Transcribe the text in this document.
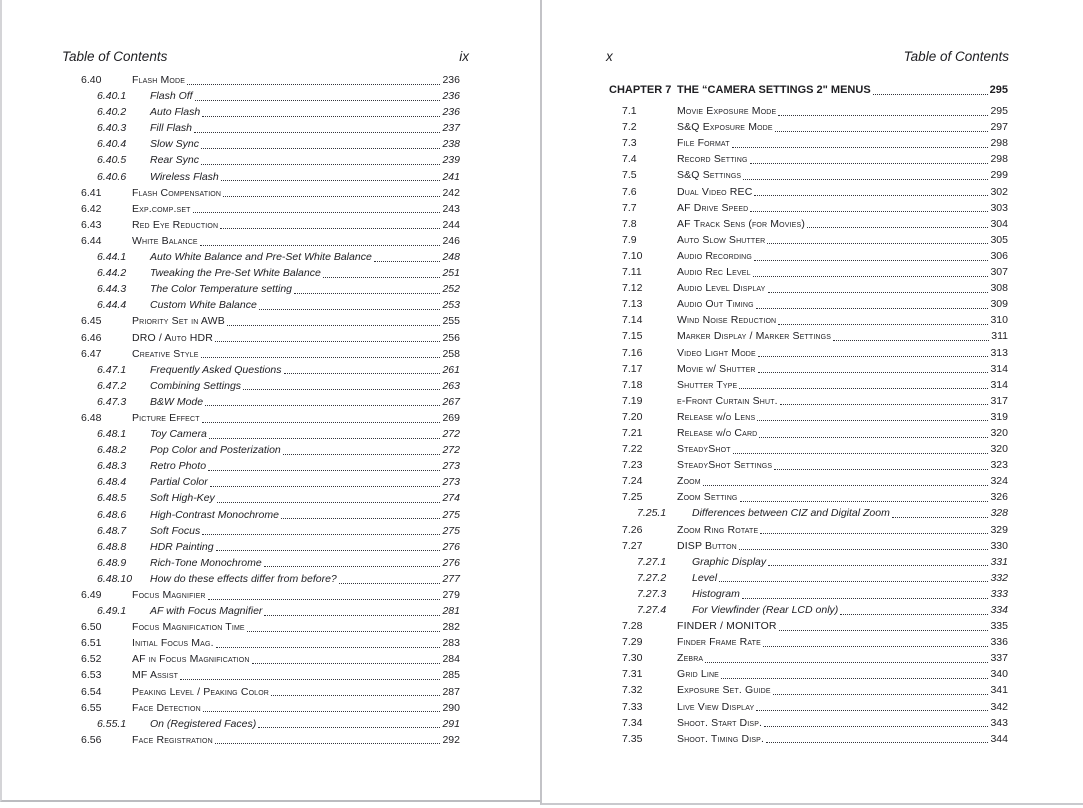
Table of Contents	ix
6.40	Flash Mode	236
6.40.1	Flash Off	236
6.40.2	Auto Flash	236
6.40.3	Fill Flash	237
6.40.4	Slow Sync	238
6.40.5	Rear Sync	239
6.40.6	Wireless Flash	241
6.41	Flash Compensation	242
6.42	Exp.comp.set	243
6.43	Red Eye Reduction	244
6.44	White Balance	246
6.44.1	Auto White Balance and Pre-Set White Balance	248
6.44.2	Tweaking the Pre-Set White Balance	251
6.44.3	The Color Temperature setting	252
6.44.4	Custom White Balance	253
6.45	Priority Set in AWB	255
6.46	DRO / Auto HDR	256
6.47	Creative Style	258
6.47.1	Frequently Asked Questions	261
6.47.2	Combining Settings	263
6.47.3	B&W Mode	267
6.48	Picture Effect	269
6.48.1	Toy Camera	272
6.48.2	Pop Color and Posterization	272
6.48.3	Retro Photo	273
6.48.4	Partial Color	273
6.48.5	Soft High-Key	274
6.48.6	High-Contrast Monochrome	275
6.48.7	Soft Focus	275
6.48.8	HDR Painting	276
6.48.9	Rich-Tone Monochrome	276
6.48.10	How do these effects differ from before?	277
6.49	Focus Magnifier	279
6.49.1	AF with Focus Magnifier	281
6.50	Focus Magnification Time	282
6.51	Initial Focus Mag.	283
6.52	AF in Focus Magnification	284
6.53	MF Assist	285
6.54	Peaking Level / Peaking Color	287
6.55	Face Detection	290
6.55.1	On (Registered Faces)	291
6.56	Face Registration	292
x	Table of Contents
CHAPTER 7 THE “CAMERA SETTINGS 2" MENUS	295
7.1	Movie Exposure Mode	295
7.2	S&Q Exposure Mode	297
7.3	File Format	298
7.4	Record Setting	298
7.5	S&Q Settings	299
7.6	Dual Video REC	302
7.7	AF Drive Speed	303
7.8	AF Track Sens (for Movies)	304
7.9	Auto Slow Shutter	305
7.10	Audio Recording	306
7.11	Audio Rec Level	307
7.12	Audio Level Display	308
7.13	Audio Out Timing	309
7.14	Wind Noise Reduction	310
7.15	Marker Display / Marker Settings	311
7.16	Video Light Mode	313
7.17	Movie w/ Shutter	314
7.18	Shutter Type	314
7.19	e-Front Curtain Shut.	317
7.20	Release w/o Lens	319
7.21	Release w/o Card	320
7.22	SteadyShot	320
7.23	SteadyShot Settings	323
7.24	Zoom	324
7.25	Zoom Setting	326
7.25.1	Differences between CIZ and Digital Zoom	328
7.26	Zoom Ring Rotate	329
7.27	DISP Button	330
7.27.1	Graphic Display	331
7.27.2	Level	332
7.27.3	Histogram	333
7.27.4	For Viewfinder (Rear LCD only)	334
7.28	FINDER / MONITOR	335
7.29	Finder Frame Rate	336
7.30	Zebra	337
7.31	Grid Line	340
7.32	Exposure Set. Guide	341
7.33	Live View Display	342
7.34	Shoot. Start Disp.	343
7.35	Shoot. Timing Disp.	344
